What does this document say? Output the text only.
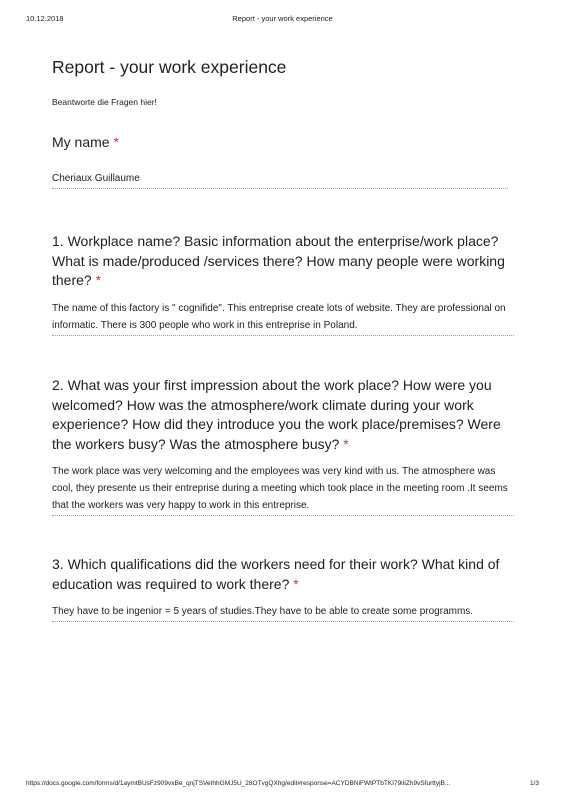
10.12.2018	Report - your work experience
Report - your work experience
Beantworte die Fragen hier!
My name *
Cheriaux Guillaume
1. Workplace name? Basic information about the enterprise/work place? What is made/produced /services there? How many people were working there? *
The name of this factory is " cognifide". This entreprise create lots of website. They are professional on informatic. There is 300 people who work in this entreprise in Poland.
2. What was your first impression about the work place? How were you welcomed? How was the atmosphere/work climate during your work experience? How did they introduce you the work place/premises? Were the workers busy? Was the atmosphere busy? *
The work place was very welcoming and the employees was very kind with us. The atmosphere was cool, they presente us their entreprise during a meeting which took place in the meeting room .It seems that the workers was very happy to work in this entreprise.
3. Which qualifications did the workers need for their work? What kind of education was required to work there? *
They have to be ingenior = 5 years of studies.They have to be able to create some programms.
https://docs.google.com/forms/d/1aymtBUsFz909vxBe_qnjTSVeIhhGMJ5U_28OTvgQXhg/edit#response=ACYDBNiFWtPTbTKI79iIiZh9vSfurttyjB...	1/3
